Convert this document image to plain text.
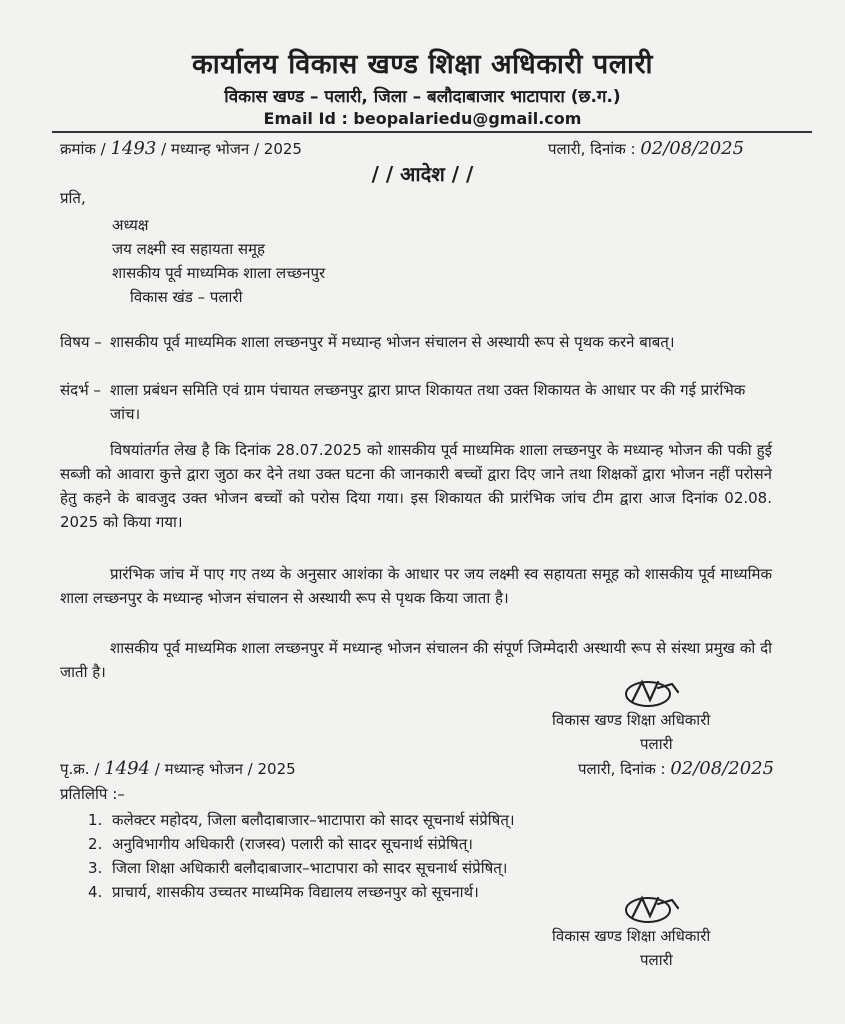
कार्यालय विकास खण्ड शिक्षा अधिकारी पलारी
विकास खण्ड – पलारी, जिला – बलौदाबाजार भाटापारा (छ.ग.)
Email Id : beopalariedu@gmail.com
क्रमांक / 1493 / मध्यान्ह भोजन / 2025	पलारी, दिनांक : 02/08/2025
/ / आदेश / /
प्रति,
अध्यक्ष
जय लक्ष्मी स्व सहायता समूह
शासकीय पूर्व माध्यमिक शाला लच्छनपुर
विकास खंड – पलारी
विषय – शासकीय पूर्व माध्यमिक शाला लच्छनपुर में मध्यान्ह भोजन संचालन से अस्थायी रूप से पृथक करने बाबत्।
संदर्भ – शाला प्रबंधन समिति एवं ग्राम पंचायत लच्छनपुर द्वारा प्राप्त शिकायत तथा उक्त शिकायत के आधार पर की गई प्रारंभिक जांच।
विषयांतर्गत लेख है कि दिनांक 28.07.2025 को शासकीय पूर्व माध्यमिक शाला लच्छनपुर के मध्यान्ह भोजन की पकी हुई सब्जी को आवारा कुत्ते द्वारा जुठा कर देने तथा उक्त घटना की जानकारी बच्चों द्वारा दिए जाने तथा शिक्षकों द्वारा भोजन नहीं परोसने हेतु कहने के बावजुद उक्त भोजन बच्चों को परोस दिया गया। इस शिकायत की प्रारंभिक जांच टीम द्वारा आज दिनांक 02.08. 2025 को किया गया।
प्रारंभिक जांच में पाए गए तथ्य के अनुसार आशंका के आधार पर जय लक्ष्मी स्व सहायता समूह को शासकीय पूर्व माध्यमिक शाला लच्छनपुर के मध्यान्ह भोजन संचालन से अस्थायी रूप से पृथक किया जाता है।
शासकीय पूर्व माध्यमिक शाला लच्छनपुर में मध्यान्ह भोजन संचालन की संपूर्ण जिम्मेदारी अस्थायी रूप से संस्था प्रमुख को दी जाती है।
विकास खण्ड शिक्षा अधिकारी
पलारी
पृ.क्र. / 1494 / मध्यान्ह भोजन / 2025	पलारी, दिनांक : 02/08/2025
प्रतिलिपि :–
1. कलेक्टर महोदय, जिला बलौदाबाजार–भाटापारा को सादर सूचनार्थ संप्रेषित्।
2. अनुविभागीय अधिकारी (राजस्व) पलारी को सादर सूचनार्थ संप्रेषित्।
3. जिला शिक्षा अधिकारी बलौदाबाजार–भाटापारा को सादर सूचनार्थ संप्रेषित्।
4. प्राचार्य, शासकीय उच्चतर माध्यमिक विद्यालय लच्छनपुर को सूचनार्थ।
विकास खण्ड शिक्षा अधिकारी
पलारी
